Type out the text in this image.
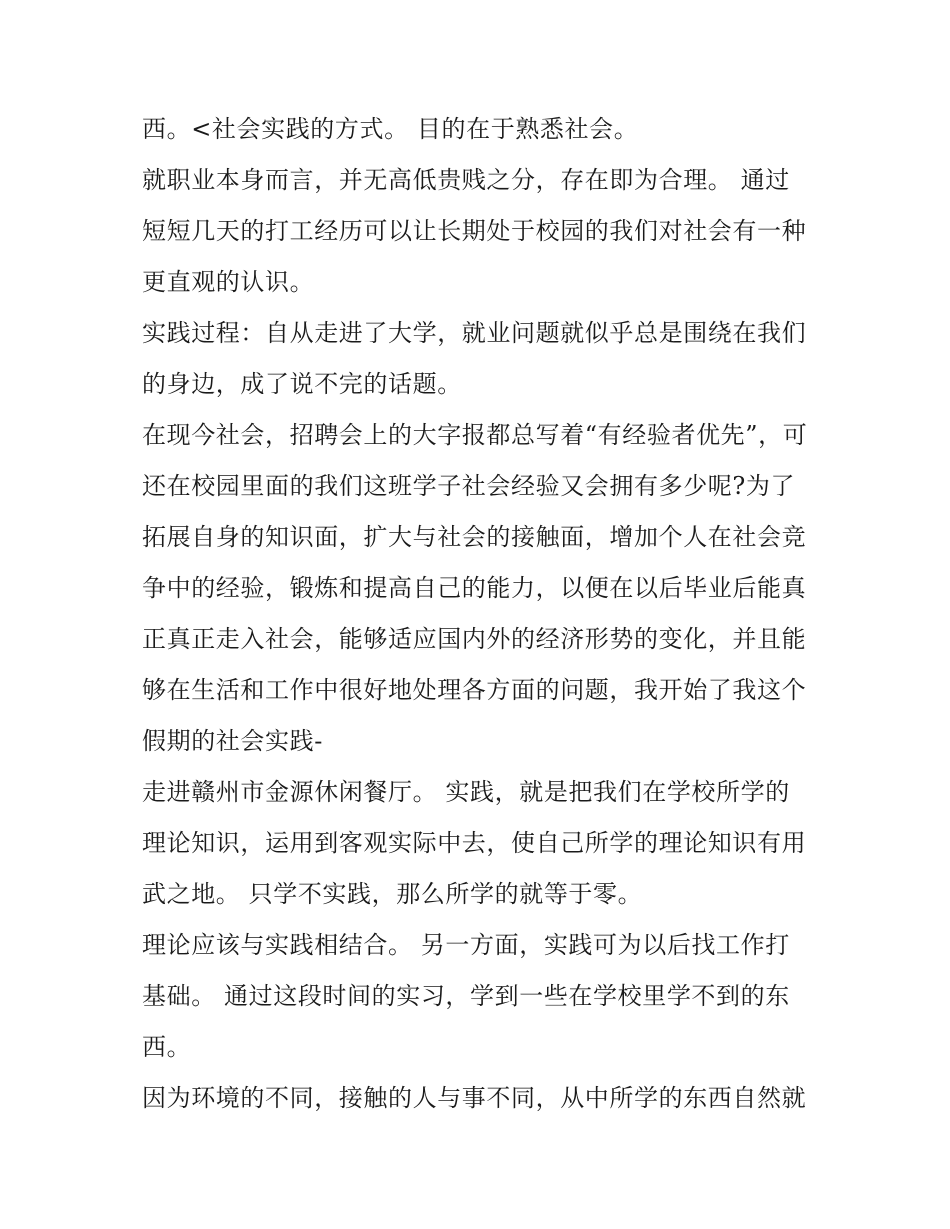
西。<社会实践的方式。 目的在于熟悉社会。
就职业本身而言，并无高低贵贱之分，存在即为合理。 通过
短短几天的打工经历可以让长期处于校园的我们对社会有一种
更直观的认识。
实践过程：自从走进了大学，就业问题就似乎总是围绕在我们
的身边，成了说不完的话题。
在现今社会，招聘会上的大字报都总写着“有经验者优先”，可
还在校园里面的我们这班学子社会经验又会拥有多少呢?为了
拓展自身的知识面，扩大与社会的接触面，增加个人在社会竞
争中的经验，锻炼和提高自己的能力，以便在以后毕业后能真
正真正走入社会，能够适应国内外的经济形势的变化，并且能
够在生活和工作中很好地处理各方面的问题，我开始了我这个
假期的社会实践-
走进赣州市金源休闲餐厅。 实践，就是把我们在学校所学的
理论知识，运用到客观实际中去，使自己所学的理论知识有用
武之地。 只学不实践，那么所学的就等于零。
理论应该与实践相结合。 另一方面，实践可为以后找工作打
基础。 通过这段时间的实习，学到一些在学校里学不到的东
西。
因为环境的不同，接触的人与事不同，从中所学的东西自然就
